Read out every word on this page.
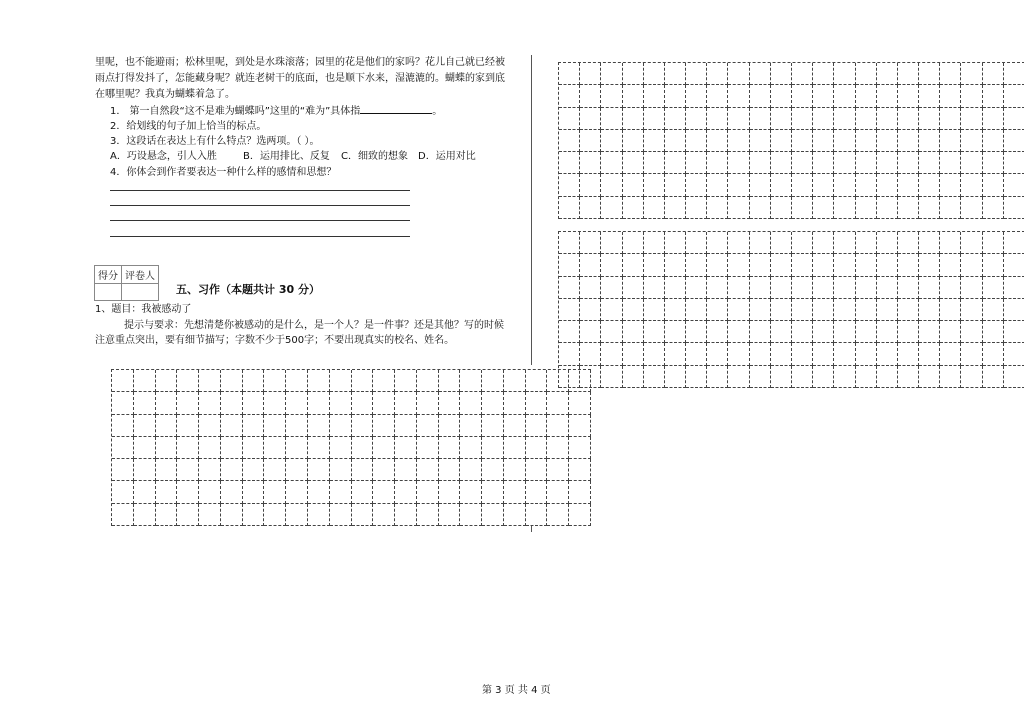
里呢，也不能避雨；松林里呢，到处是水珠滚落；园里的花是他们的家吗？花儿自己就已经被
雨点打得发抖了，怎能藏身呢？就连老树干的底面，也是顺下水来，湿漉漉的。蝴蝶的家到底
在哪里呢？我真为蝴蝶着急了。
1． 第一自然段“这不是难为蝴蝶吗”这里的“难为”具体指	。
2．给划线的句子加上恰当的标点。
3．这段话在表达上有什么特点？选两项。（ ）。
A．巧设悬念，引人入胜	B．运用排比、反复 C．细致的想象 D．运用对比
4．你体会到作者要表达一种什么样的感情和思想？
得分	评卷人

五、习作（本题共计 30 分）
1、题目：我被感动了
提示与要求：先想清楚你被感动的是什么，是一个人？是一件事？还是其他？写的时候
注意重点突出，要有细节描写；字数不少于500字；不要出现真实的校名、姓名。
第 3 页 共 4 页
